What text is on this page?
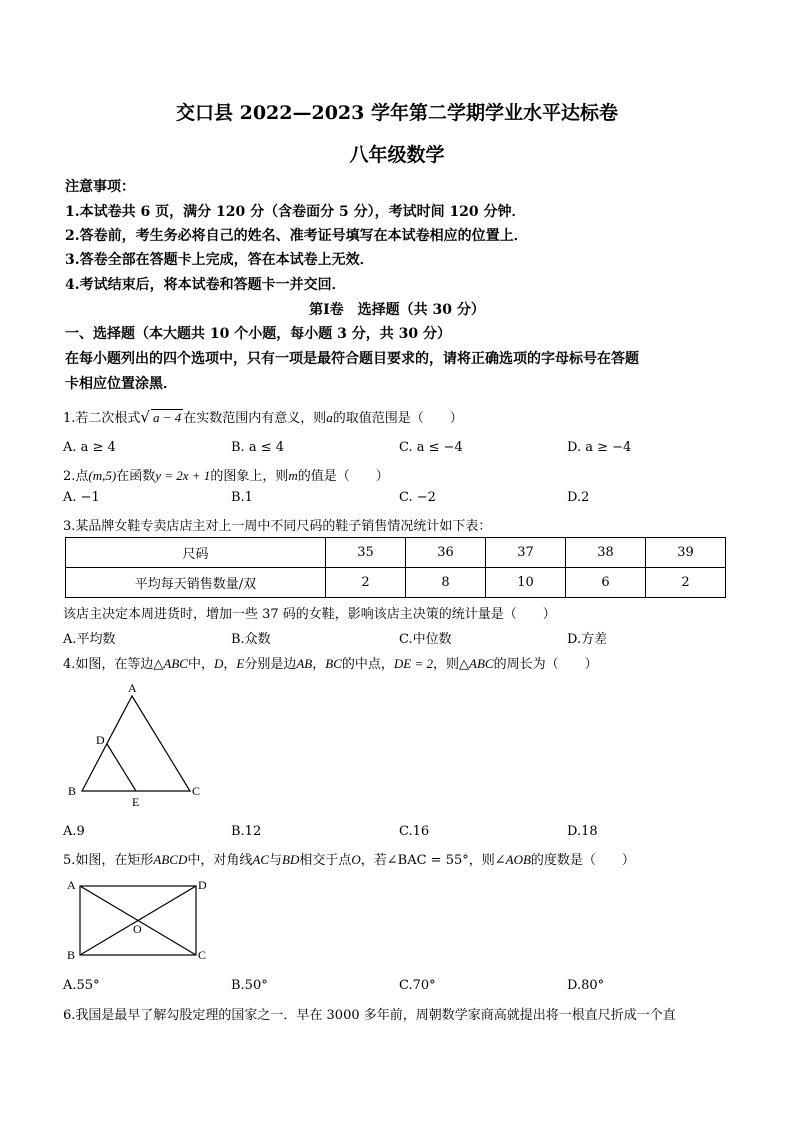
交口县 2022—2023 学年第二学期学业水平达标卷
八年级数学
注意事项：
1.本试卷共 6 页，满分 120 分（含卷面分 5 分），考试时间 120 分钟．
2.答卷前，考生务必将自己的姓名、准考证号填写在本试卷相应的位置上．
3.答卷全部在答题卡上完成，答在本试卷上无效．
4.考试结束后，将本试卷和答题卡一并交回．
第Ⅰ卷　选择题（共 30 分）
一、选择题（本大题共 10 个小题，每小题 3 分，共 30 分）
在每小题列出的四个选项中，只有一项是最符合题目要求的，请将正确选项的字母标号在答题
卡相应位置涂黑．
1.若二次根式√ a − 4 在实数范围内有意义，则a的取值范围是（　　）
A. a ≥ 4	B. a ≤ 4	C. a ≤ −4	D. a ≥ −4
2.点(m,5)在函数y = 2x + 1的图象上，则m的值是（　　）
A. −1	B.1	C. −2	D.2
3.某品牌女鞋专卖店店主对上一周中不同尺码的鞋子销售情况统计如下表：
尺码	35	36	37	38	39
平均每天销售数量/双	2	8	10	6	2
该店主决定本周进货时，增加一些 37 码的女鞋，影响该店主决策的统计量是（　　）
A.平均数	B.众数	C.中位数	D.方差
4.如图，在等边△ABC中，D，E分别是边AB，BC的中点，DE = 2，则△ABC的周长为（　　）
A
D
B	C
E
A.9	B.12	C.16	D.18
5.如图，在矩形ABCD中，对角线AC与BD相交于点O，若∠BAC = 55°，则∠AOB的度数是（　　）
A	D
B	C
O
A.55°	B.50°	C.70°	D.80°
6.我国是最早了解勾股定理的国家之一．早在 3000 多年前，周朝数学家商高就提出将一根直尺折成一个直
